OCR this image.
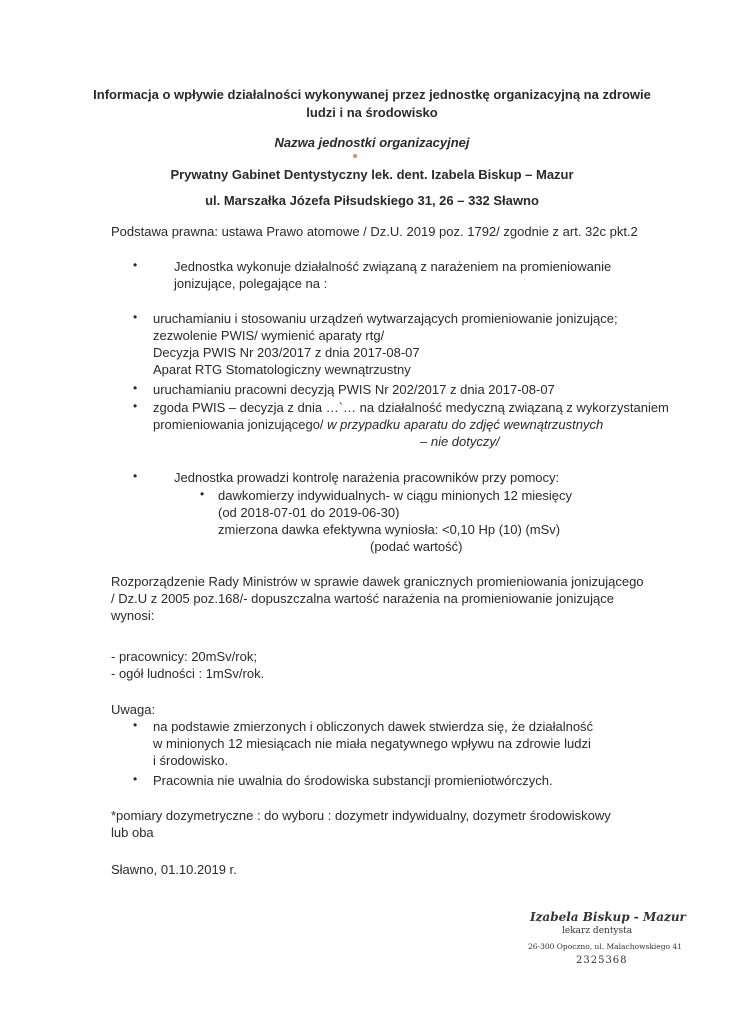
Informacja o wpływie działalności wykonywanej przez jednostkę organizacyjną na zdrowie
ludzi i na środowisko
Nazwa jednostki organizacyjnej
Prywatny Gabinet Dentystyczny lek. dent. Izabela Biskup – Mazur
ul. Marszałka Józefa Piłsudskiego 31, 26 – 332 Sławno
Podstawa prawna: ustawa Prawo atomowe / Dz.U. 2019 poz. 1792/ zgodnie z art. 32c pkt.2
•	Jednostka wykonuje działalność związaną z narażeniem na promieniowanie
jonizujące, polegające na :
• uruchamianiu i stosowaniu urządzeń wytwarzających promieniowanie jonizujące;
zezwolenie PWIS/ wymienić aparaty rtg/
Decyzja PWIS Nr 203/2017 z dnia 2017-08-07
Aparat RTG Stomatologiczny wewnątrzustny
• uruchamianiu pracowni decyzją PWIS Nr 202/2017 z dnia 2017-08-07
• zgoda PWIS – decyzja z dnia …`… na działalność medyczną związaną z wykorzystaniem
promieniowania jonizującego/ w przypadku aparatu do zdjęć wewnątrzustnych
– nie dotyczy/
•	Jednostka prowadzi kontrolę narażenia pracowników przy pomocy:
• dawkomierzy indywidualnych- w ciągu minionych 12 miesięcy
(od 2018-07-01 do 2019-06-30)
zmierzona dawka efektywna wyniosła: <0,10 Hp (10) (mSv)
(podać wartość)
Rozporządzenie Rady Ministrów w sprawie dawek granicznych promieniowania jonizującego
/ Dz.U z 2005 poz.168/- dopuszczalna wartość narażenia na promieniowanie jonizujące
wynosi:
- pracownicy: 20mSv/rok;
- ogół ludności : 1mSv/rok.
Uwaga:
• na podstawie zmierzonych i obliczonych dawek stwierdza się, że działalność
w minionych 12 miesiącach nie miała negatywnego wpływu na zdrowie ludzi
i środowisko.
• Pracownia nie uwalnia do środowiska substancji promieniotwórczych.
*pomiary dozymetryczne : do wyboru : dozymetr indywidualny, dozymetr środowiskowy
lub oba
Sławno, 01.10.2019 r.
Izabela Biskup - Mazur
lekarz dentysta
26-300 Opoczno, ul. Malachowskiego 41
2325368
